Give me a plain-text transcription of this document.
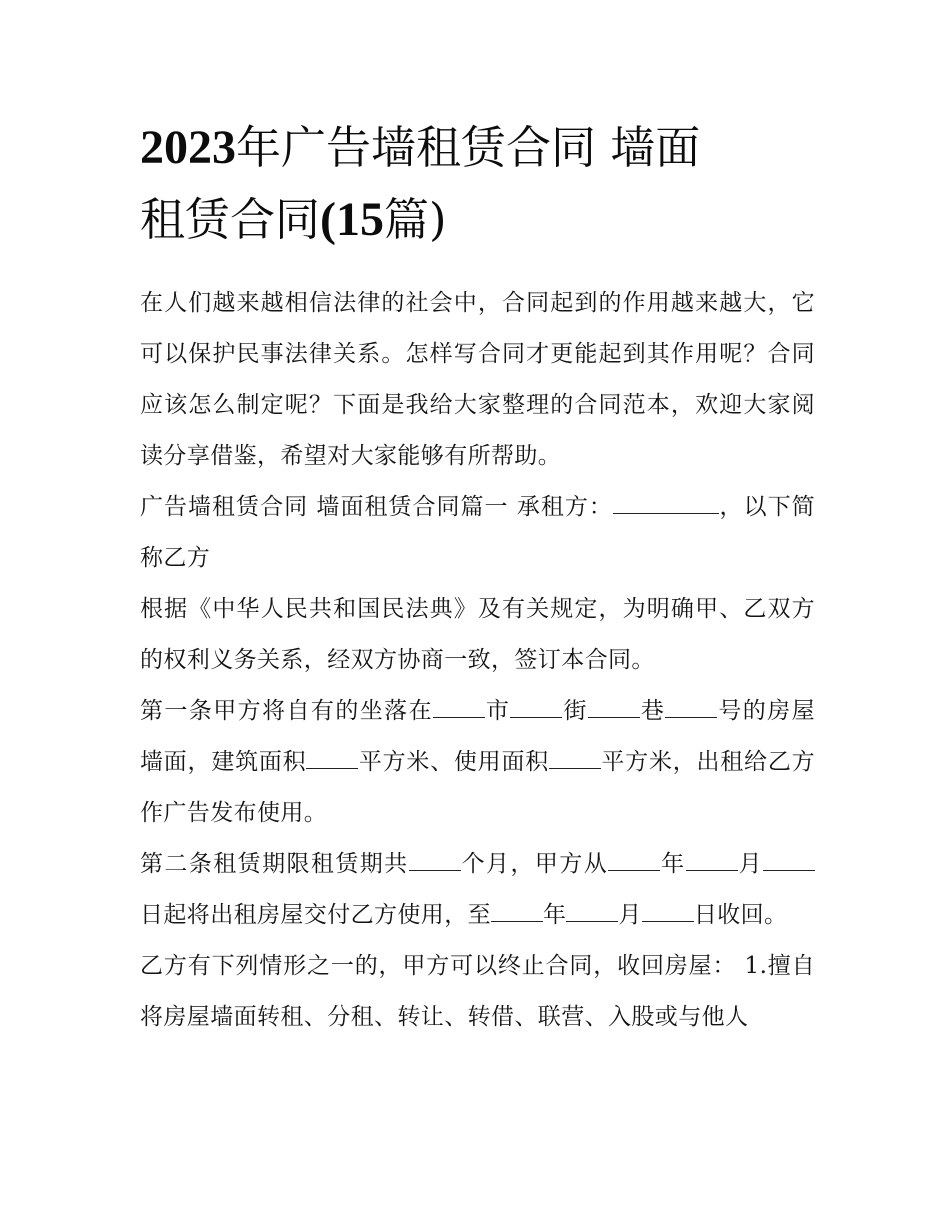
2023年广告墙租赁合同 墙面
租赁合同(15篇)

在人们越来越相信法律的社会中，合同起到的作用越来越大，它可以保护民事法律关系。怎样写合同才更能起到其作用呢？合同应该怎么制定呢？下面是我给大家整理的合同范本，欢迎大家阅读分享借鉴，希望对大家能够有所帮助。

广告墙租赁合同 墙面租赁合同篇一 承租方：	，以下简称乙方

根据《中华人民共和国民法典》及有关规定，为明确甲、乙双方的权利义务关系，经双方协商一致，签订本合同。

第一条甲方将自有的坐落在 市 街 巷 号的房屋墙面，建筑面积 平方米、使用面积 平方米，出租给乙方作广告发布使用。

第二条租赁期限租赁期共 个月，甲方从 年 月日起将出租房屋交付乙方使用，至 年 月 日收回。

乙方有下列情形之一的，甲方可以终止合同，收回房屋： 1.擅自将房屋墙面转租、分租、转让、转借、联营、入股或与他人
